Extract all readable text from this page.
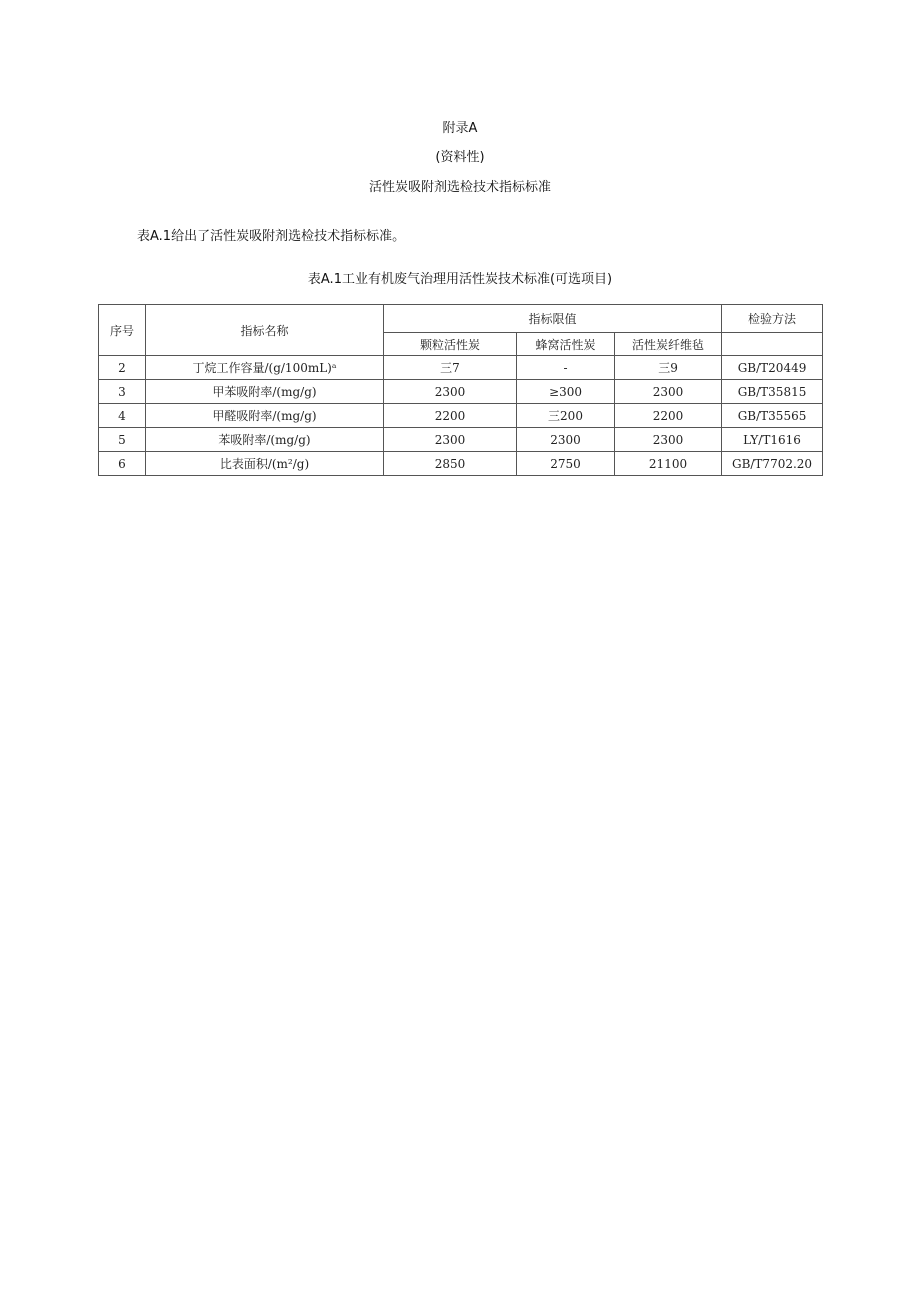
附录A
(资料性)
活性炭吸附剂选检技术指标标准
表A.1给出了活性炭吸附剂选检技术指标标准。
表A.1工业有机废气治理用活性炭技术标准(可选项目)
序号	指标名称	指标限值			检验方法
		颗粒活性炭	蜂窝活性炭	活性炭纤维毡	
2	丁烷工作容量/(g/100mL)ᵃ	三7	-	三9	GB/T20449
3	甲苯吸附率/(mg/g)	2300	≥300	2300	GB/T35815
4	甲醛吸附率/(mg/g)	2200	三200	2200	GB/T35565
5	苯吸附率/(mg/g)	2300	2300	2300	LY/T1616
6	比表面积/(m²/g)	2850	2750	21100	GB/T7702.20
